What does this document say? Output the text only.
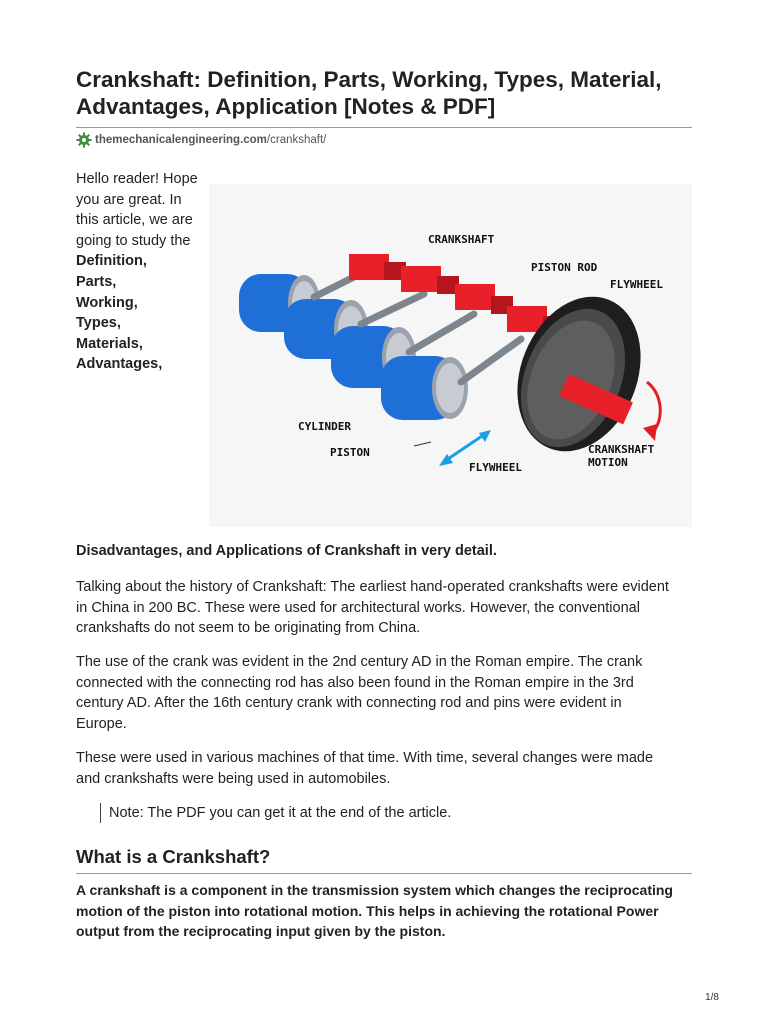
Crankshaft: Definition, Parts, Working, Types, Material, Advantages, Application [Notes & PDF]
themechanicalengineering.com /crankshaft/
Hello reader! Hope you are great. In this article, we are going to study the Definition,
Parts,
Working,
Types,
Materials,
Advantages,
CRANKSHAFT
PISTON ROD
FLYWHEEL
CYLINDER
PISTON
FLYWHEEL
CRANKSHAFT
MOTION

Disadvantages, and Applications of Crankshaft in very detail.

Talking about the history of Crankshaft: The earliest hand-operated crankshafts were evident in China in 200 BC. These were used for architectural works. However, the conventional crankshafts do not seem to be originating from China.

The use of the crank was evident in the 2nd century AD in the Roman empire. The crank connected with the connecting rod has also been found in the Roman empire in the 3rd century AD. After the 16th century crank with connecting rod and pins were evident in Europe.

These were used in various machines of that time. With time, several changes were made and crankshafts were being used in automobiles.

Note: The PDF you can get it at the end of the article.
What is a Crankshaft?

A crankshaft is a component in the transmission system which changes the reciprocating motion of the piston into rotational motion. This helps in achieving the rotational Power output from the reciprocating input given by the piston.

1/8
